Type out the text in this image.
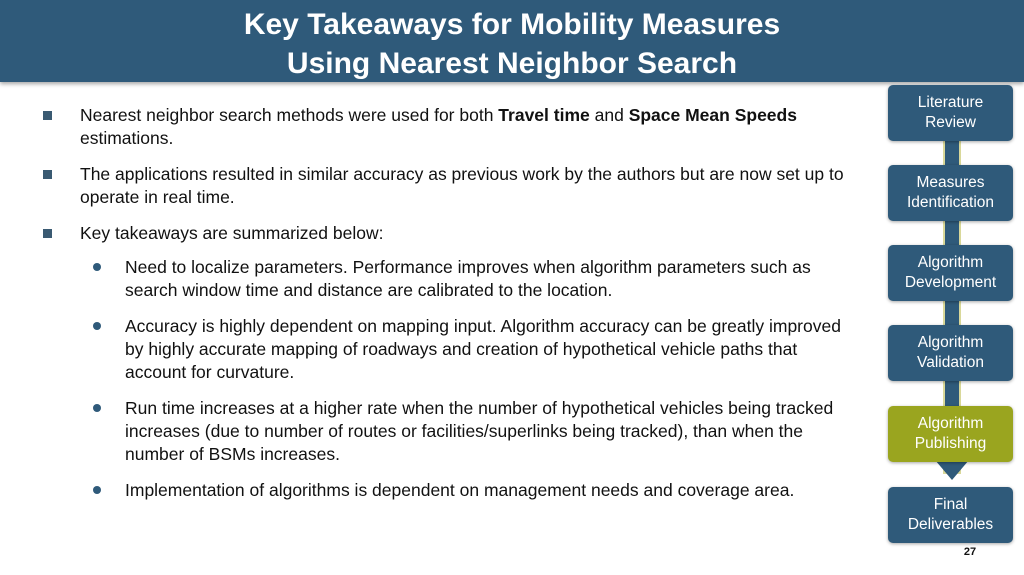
Key Takeaways for Mobility Measures
Using Nearest Neighbor Search
Nearest neighbor search methods were used for both Travel time and Space Mean Speeds estimations.
The applications resulted in similar accuracy as previous work by the authors but are now set up to operate in real time.
Key takeaways are summarized below:
Need to localize parameters. Performance improves when algorithm parameters such as search window time and distance are calibrated to the location.
Accuracy is highly dependent on mapping input. Algorithm accuracy can be greatly improved by highly accurate mapping of roadways and creation of hypothetical vehicle paths that account for curvature.
Run time increases at a higher rate when the number of hypothetical vehicles being tracked increases (due to number of routes or facilities/superlinks being tracked), than when the number of BSMs increases.
Implementation of algorithms is dependent on management needs and coverage area.
Literature
Review
Measures
Identification
Algorithm
Development
Algorithm
Validation
Algorithm
Publishing
Final
Deliverables
27
